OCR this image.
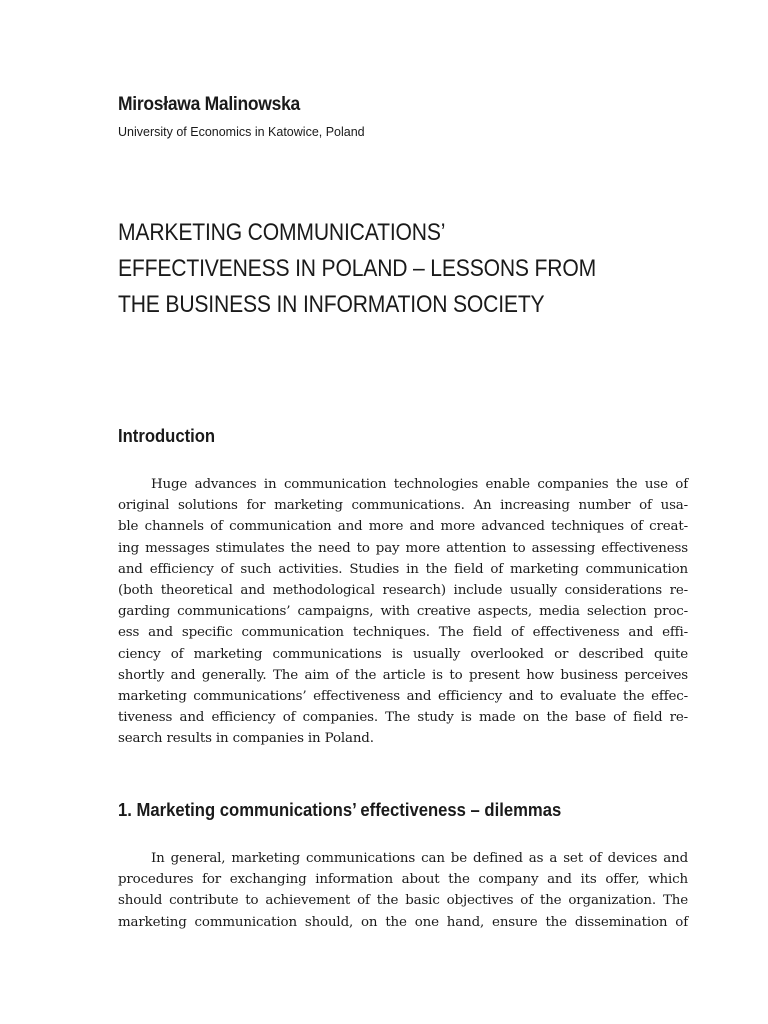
Mirosława Malinowska
University of Economics in Katowice, Poland
MARKETING COMMUNICATIONS’
EFFECTIVENESS IN POLAND – LESSONS FROM
THE BUSINESS IN INFORMATION SOCIETY
Introduction
Huge advances in communication technologies enable companies the use of
original solutions for marketing communications. An increasing number of usa-
ble channels of communication and more and more advanced techniques of creat-
ing messages stimulates the need to pay more attention to assessing effectiveness
and efficiency of such activities. Studies in the field of marketing communication
(both theoretical and methodological research) include usually considerations re-
garding communications’ campaigns, with creative aspects, media selection proc-
ess and specific communication techniques. The field of effectiveness and effi-
ciency of marketing communications is usually overlooked or described quite
shortly and generally. The aim of the article is to present how business perceives
marketing communications’ effectiveness and efficiency and to evaluate the effec-
tiveness and efficiency of companies. The study is made on the base of field re-
search results in companies in Poland.
1. Marketing communications’ effectiveness – dilemmas
In general, marketing communications can be defined as a set of devices and
procedures for exchanging information about the company and its offer, which
should contribute to achievement of the basic objectives of the organization. The
marketing communication should, on the one hand, ensure the dissemination of
